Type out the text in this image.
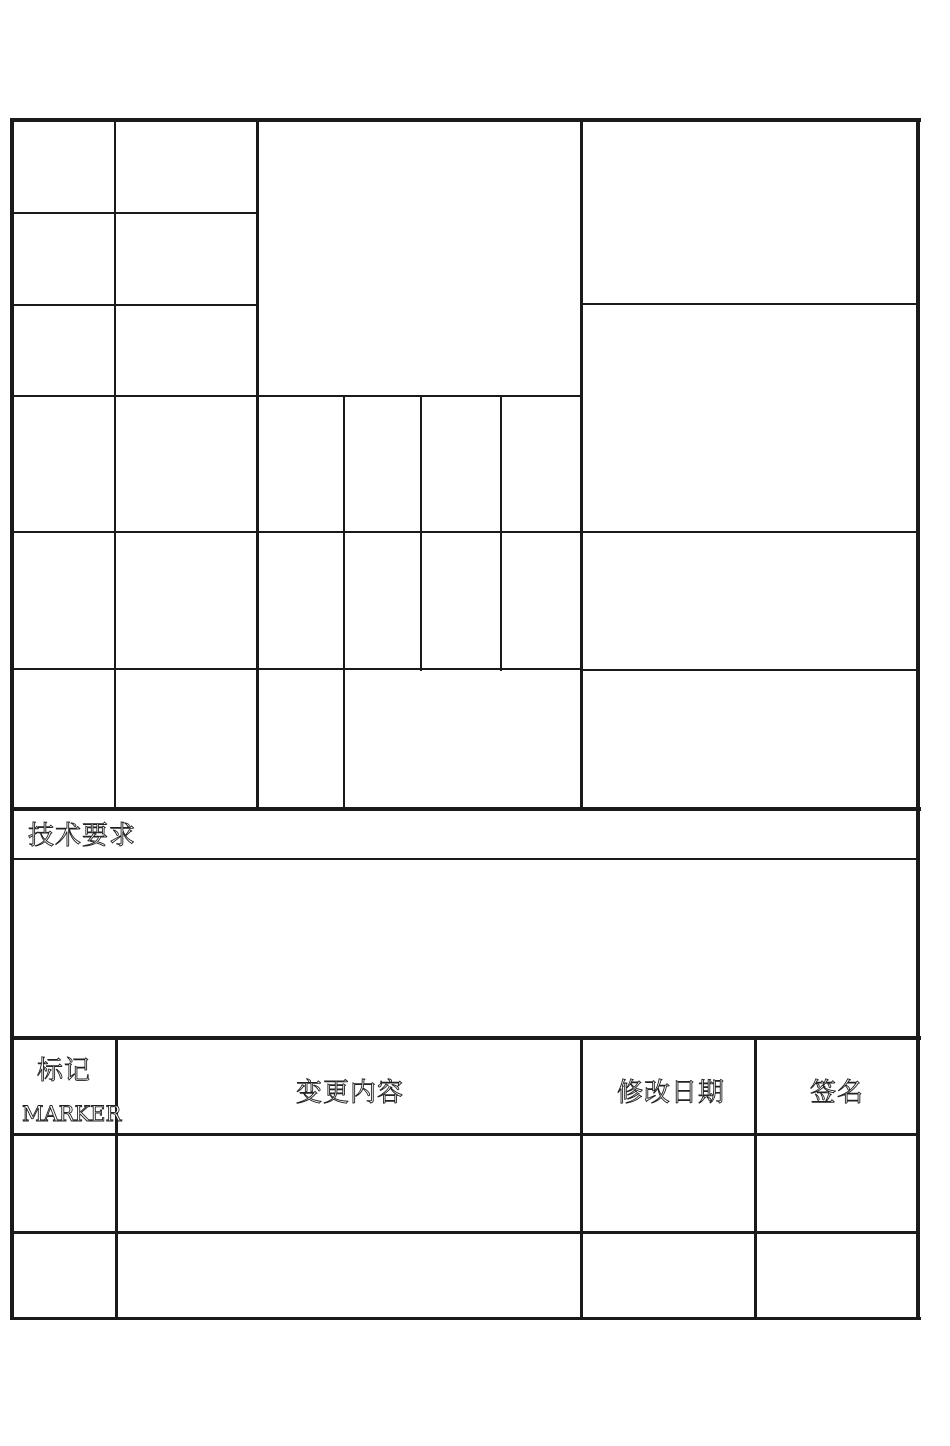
技术要求
标记
MARKER
变更内容	修改日期	签名
